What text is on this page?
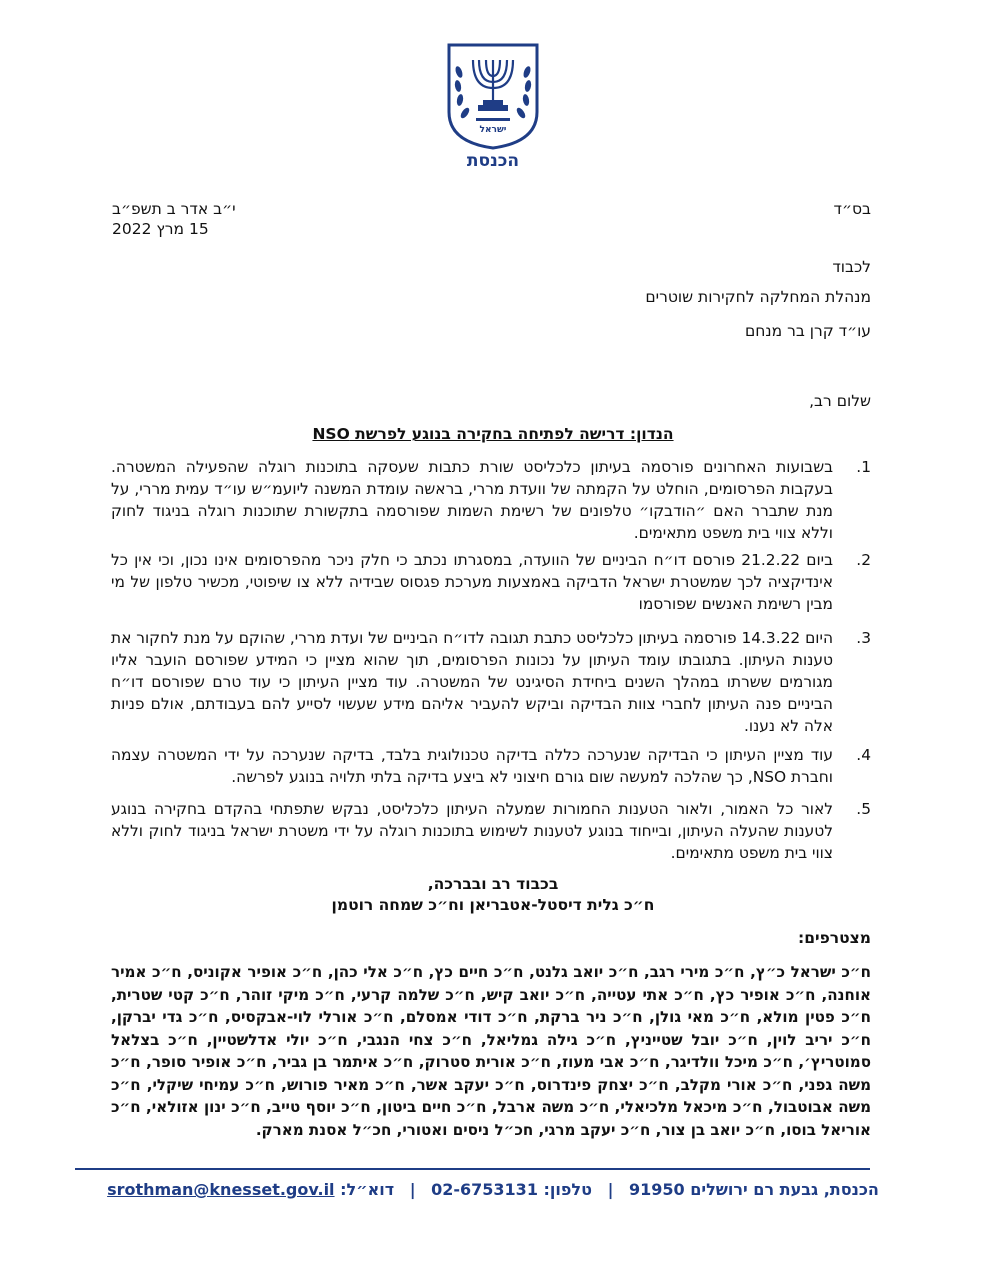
ישראל
הכנסת
בס״ד
י״ב אדר ב תשפ״ב
15 מרץ 2022
לכבוד
מנהלת המחלקה לחקירות שוטרים
עו״ד קרן בר מנחם
שלום רב,
הנדון: דרישה לפתיחה בחקירה בנוגע לפרשת NSO
1.
בשבועות האחרונים פורסמה בעיתון כלכליסט שורת כתבות שעסקה בתוכנות רוגלה שהפעילה המשטרה. בעקבות הפרסומים, הוחלט על הקמתה של וועדת מררי, בראשה עומדת המשנה ליועמ״ש עו״ד עמית מררי, על מנת שתברר האם ״הודבקו״ טלפונים של רשימת השמות שפורסמה בתקשורת שתוכנות רוגלה בניגוד לחוק וללא צווי בית משפט מתאימים.
2.
ביום 21.2.22 פורסם דו״ח הביניים של הוועדה, במסגרתו נכתב כי חלק ניכר מהפרסומים אינו נכון, וכי אין כל אינדיקציה לכך שמשטרת ישראל הדביקה באמצעות מערכת פגסוס שבידיה ללא צו שיפוטי, מכשיר טלפון של מי מבין רשימת האנשים שפורסמו
3.
היום 14.3.22 פורסמה בעיתון כלכליסט כתבת תגובה לדו״ח הביניים של ועדת מררי, שהוקם על מנת לחקור את טענות העיתון. בתגובתו עומד העיתון על נכונות הפרסומים, תוך שהוא מציין כי המידע שפורסם הועבר אליו מגורמים ששרתו במהלך השנים ביחידת הסיגינט של המשטרה. עוד מציין העיתון כי עוד טרם שפורסם דו״ח הביניים פנה העיתון לחברי צוות הבדיקה וביקש להעביר אליהם מידע שעשוי לסייע להם בעבודתם, אולם פניות אלה לא נענו.
4.
עוד מציין העיתון כי הבדיקה שנערכה כללה בדיקה טכנולוגית בלבד, בדיקה שנערכה על ידי המשטרה עצמה וחברת NSO, כך שהלכה למעשה שום גורם חיצוני לא ביצע בדיקה בלתי תלויה בנוגע לפרשה.
5.
לאור כל האמור, ולאור הטענות החמורות שמעלה העיתון כלכליסט, נבקש שתפתחי בהקדם בחקירה בנוגע לטענות שהעלה העיתון, ובייחוד בנוגע לטענות לשימוש בתוכנות רוגלה על ידי משטרת ישראל בניגוד לחוק וללא צווי בית משפט מתאימים.
בכבוד רב ובברכה,
ח״כ גלית דיסטל-אטבריאן וח״כ שמחה רוטמן
מצטרפים:
ח״כ ישראל כ״ץ, ח״כ מירי רגב, ח״כ יואב גלנט, ח״כ חיים כץ, ח״כ אלי כהן, ח״כ אופיר אקוניס, ח״כ אמיר אוחנה, ח״כ אופיר כץ, ח״כ אתי עטייה, ח״כ יואב קיש, ח״כ שלמה קרעי, ח״כ מיקי זוהר, ח״כ קטי שטרית, ח״כ פטין מולא, ח״כ מאי גולן, ח״כ ניר ברקת, ח״כ דודי אמסלם, ח״כ אורלי לוי-אבקסיס, ח״כ גדי יברקן, ח״כ יריב לוין, ח״כ יובל שטייניץ, ח״כ גילה גמליאל, ח״כ צחי הנגבי, ח״כ יולי אדלשטיין, ח״כ בצלאל סמוטריץ׳, ח״כ מיכל וולדיגר, ח״כ אבי מעוז, ח״כ אורית סטרוק, ח״כ איתמר בן גביר, ח״כ אופיר סופר, ח״כ משה גפני, ח״כ אורי מקלב, ח״כ יצחק פינדרוס, ח״כ יעקב אשר, ח״כ מאיר פורוש, ח״כ עמיחי שיקלי, ח״כ משה אבוטבול, ח״כ מיכאל מלכיאלי, ח״כ משה ארבל, ח״כ חיים ביטון, ח״כ יוסף טייב, ח״כ ינון אזולאי, ח״כ אוריאל בוסו, ח״כ יואב בן צור, ח״כ יעקב מרגי, חכ״ל ניסים ואטורי, חכ״ל אסנת מארק.
הכנסת, גבעת רם ירושלים 91950 | טלפון: 02-6753131 | דוא״ל: srothman@knesset.gov.il
